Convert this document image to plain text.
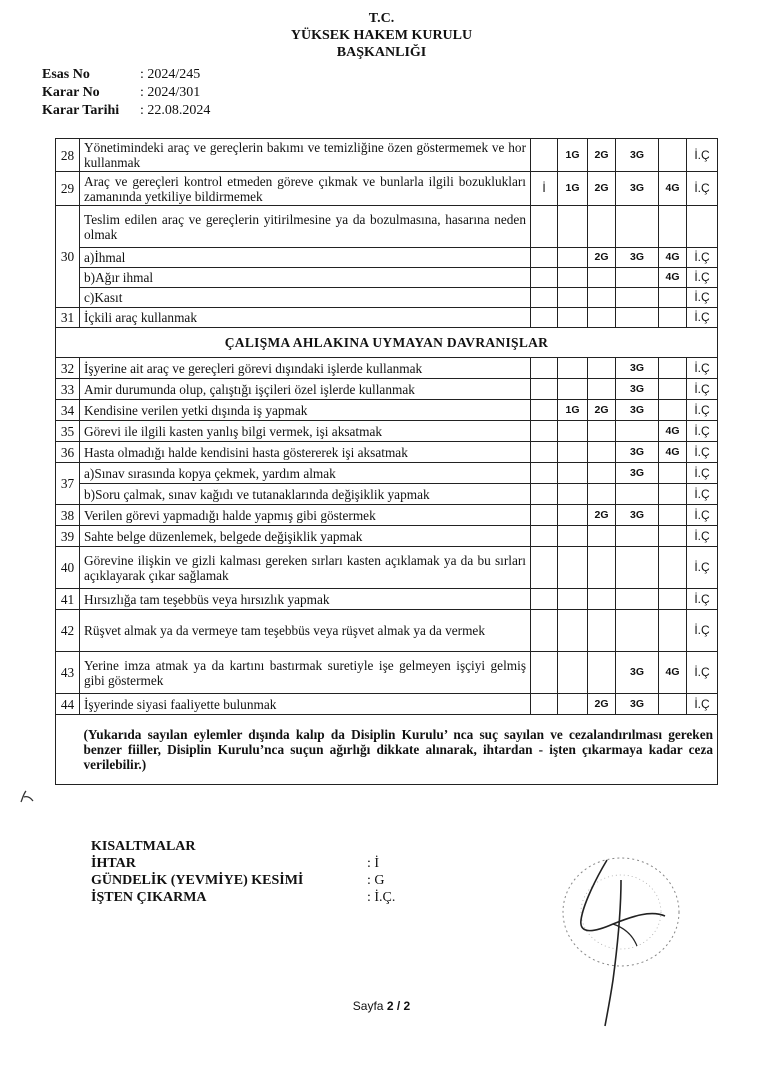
T.C.
YÜKSEK HAKEM KURULU
BAŞKANLIĞI
Esas No	: 2024/245
Karar No	: 2024/301
Karar Tarihi	: 22.08.2024
28	Yönetimindeki araç ve gereçlerin bakımı ve temizliğine özen göstermemek ve hor kullanmak		1G	2G	3G		İ.Ç
29	Araç ve gereçleri kontrol etmeden göreve çıkmak ve bunlarla ilgili bozuklukları zamanında yetkiliye bildirmemek	İ	1G	2G	3G	4G	İ.Ç
30	Teslim edilen araç ve gereçlerin yitirilmesine ya da bozulmasına, hasarına neden olmak						
	a)İhmal			2G	3G	4G	İ.Ç
	b)Ağır ihmal					4G	İ.Ç
	c)Kasıt						İ.Ç
31	İçkili araç kullanmak						İ.Ç
ÇALIŞMA AHLAKINA UYMAYAN DAVRANIŞLAR							
32	İşyerine ait araç ve gereçleri görevi dışındaki işlerde kullanmak				3G		İ.Ç
33	Amir durumunda olup, çalıştığı işçileri özel işlerde kullanmak				3G		İ.Ç
34	Kendisine verilen yetki dışında iş yapmak		1G	2G	3G		İ.Ç
35	Görevi ile ilgili kasten yanlış bilgi vermek, işi aksatmak					4G	İ.Ç
36	Hasta olmadığı halde kendisini hasta göstererek işi aksatmak				3G	4G	İ.Ç
37	a)Sınav sırasında kopya çekmek, yardım almak				3G		İ.Ç
	b)Soru çalmak, sınav kağıdı ve tutanaklarında değişiklik yapmak						İ.Ç
38	Verilen görevi yapmadığı halde yapmış gibi göstermek			2G	3G		İ.Ç
39	Sahte belge düzenlemek, belgede değişiklik yapmak						İ.Ç
40	Görevine ilişkin ve gizli kalması gereken sırları kasten açıklamak ya da bu sırları açıklayarak çıkar sağlamak						İ.Ç
41	Hırsızlığa tam teşebbüs veya hırsızlık yapmak						İ.Ç
42	Rüşvet almak ya da vermeye tam teşebbüs veya rüşvet almak ya da vermek						İ.Ç
43	Yerine imza atmak ya da kartını bastırmak suretiyle işe gelmeyen işçiyi gelmiş gibi göstermek				3G	4G	İ.Ç
44	İşyerinde siyasi faaliyette bulunmak			2G	3G		İ.Ç
	(Yukarıda sayılan eylemler dışında kalıp da Disiplin Kurulu’ nca suç sayılan ve cezalandırılması gereken benzer fiiller, Disiplin Kurulu’nca suçun ağırlığı dikkate alınarak, ihtardan - işten çıkarmaya kadar ceza verilebilir.)						
KISALTMALAR
İHTAR	: İ
GÜNDELİK (YEVMİYE) KESİMİ	: G
İŞTEN ÇIKARMA	: İ.Ç.
Sayfa 2 / 2
